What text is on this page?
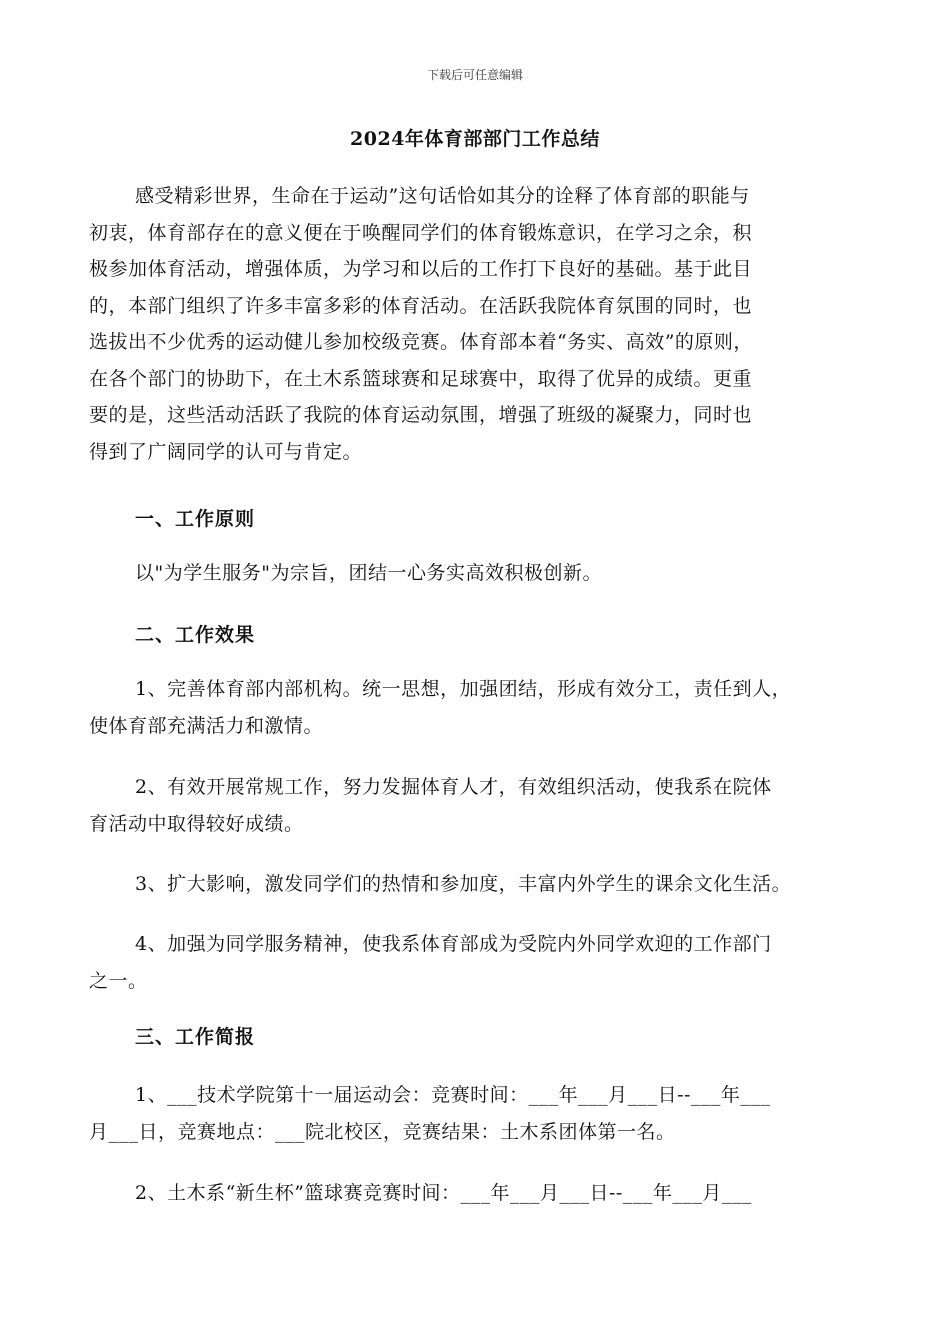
下载后可任意编辑
2024年体育部部门工作总结
感受精彩世界，生命在于运动”这句话恰如其分的诠释了体育部的职能与
初衷，体育部存在的意义便在于唤醒同学们的体育锻炼意识，在学习之余，积
极参加体育活动，增强体质，为学习和以后的工作打下良好的基础。基于此目
的，本部门组织了许多丰富多彩的体育活动。在活跃我院体育氛围的同时，也
选拔出不少优秀的运动健儿参加校级竞赛。体育部本着“务实、高效”的原则，
在各个部门的协助下，在土木系篮球赛和足球赛中，取得了优异的成绩。更重
要的是，这些活动活跃了我院的体育运动氛围，增强了班级的凝聚力，同时也
得到了广阔同学的认可与肯定。
一、工作原则
以"为学生服务"为宗旨，团结一心务实高效积极创新。
二、工作效果
1、完善体育部内部机构。统一思想，加强团结，形成有效分工，责任到人，
使体育部充满活力和激情。
2、有效开展常规工作，努力发掘体育人才，有效组织活动，使我系在院体
育活动中取得较好成绩。
3、扩大影响，激发同学们的热情和参加度，丰富内外学生的课余文化生活。
4、加强为同学服务精神，使我系体育部成为受院内外同学欢迎的工作部门
之一。
三、工作简报
1、___技术学院第十一届运动会：竞赛时间：___年___月___日--___年___
月___日，竞赛地点：___院北校区，竞赛结果：土木系团体第一名。
2、土木系“新生杯”篮球赛竞赛时间：___年___月___日--___年___月___
